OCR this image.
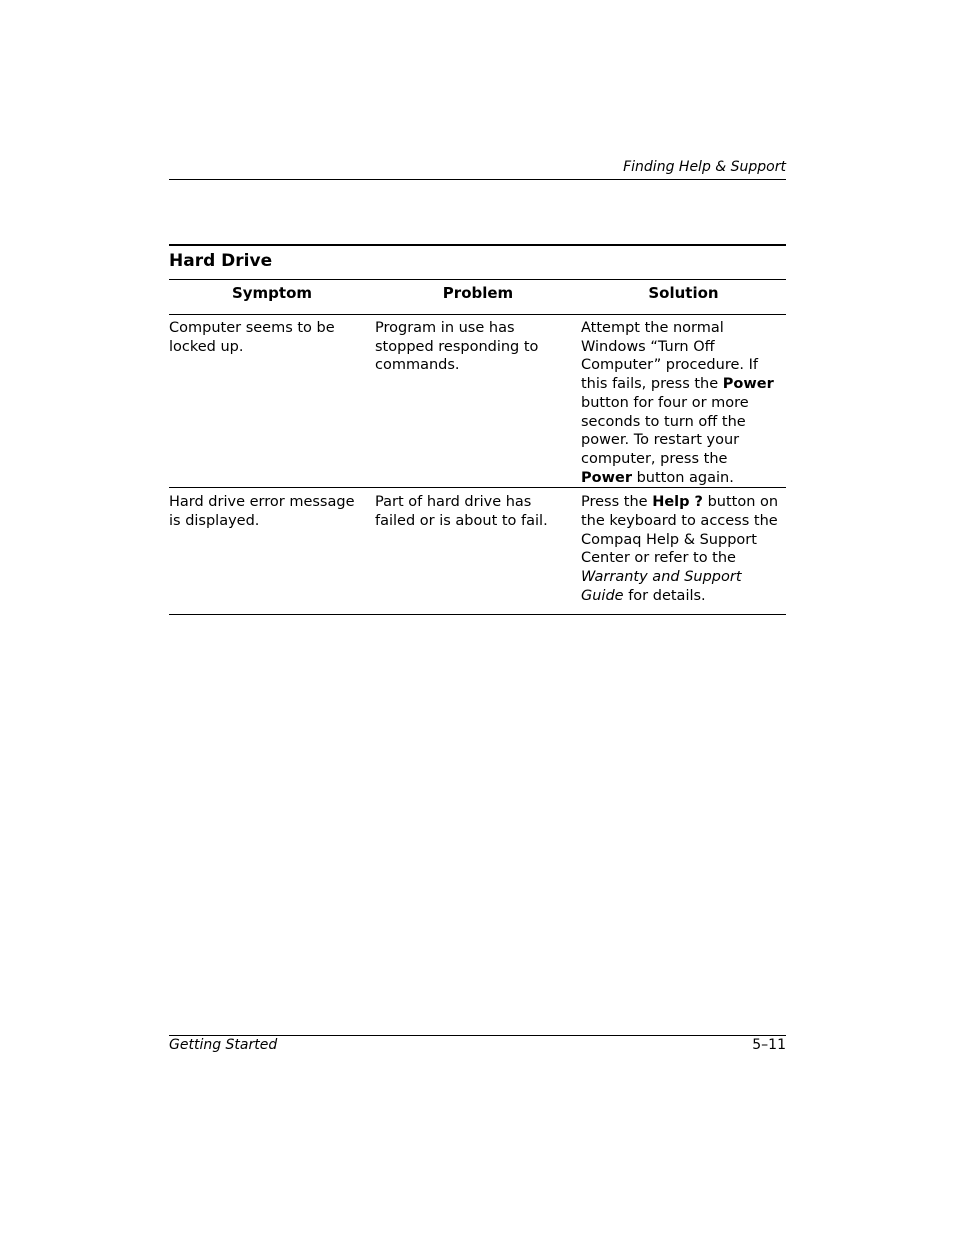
Finding Help & Support
Hard Drive
Symptom	Problem	Solution
Computer seems to be locked up.	Program in use has stopped responding to commands.	Attempt the normal Windows “Turn Off Computer” procedure. If this fails, press the Power button for four or more seconds to turn off the power. To restart your computer, press the Power button again.
Hard drive error message is displayed.	Part of hard drive has failed or is about to fail.	Press the Help ? button on the keyboard to access the Compaq Help & Support Center or refer to the Warranty and Support Guide for details.
Getting Started	5–11
